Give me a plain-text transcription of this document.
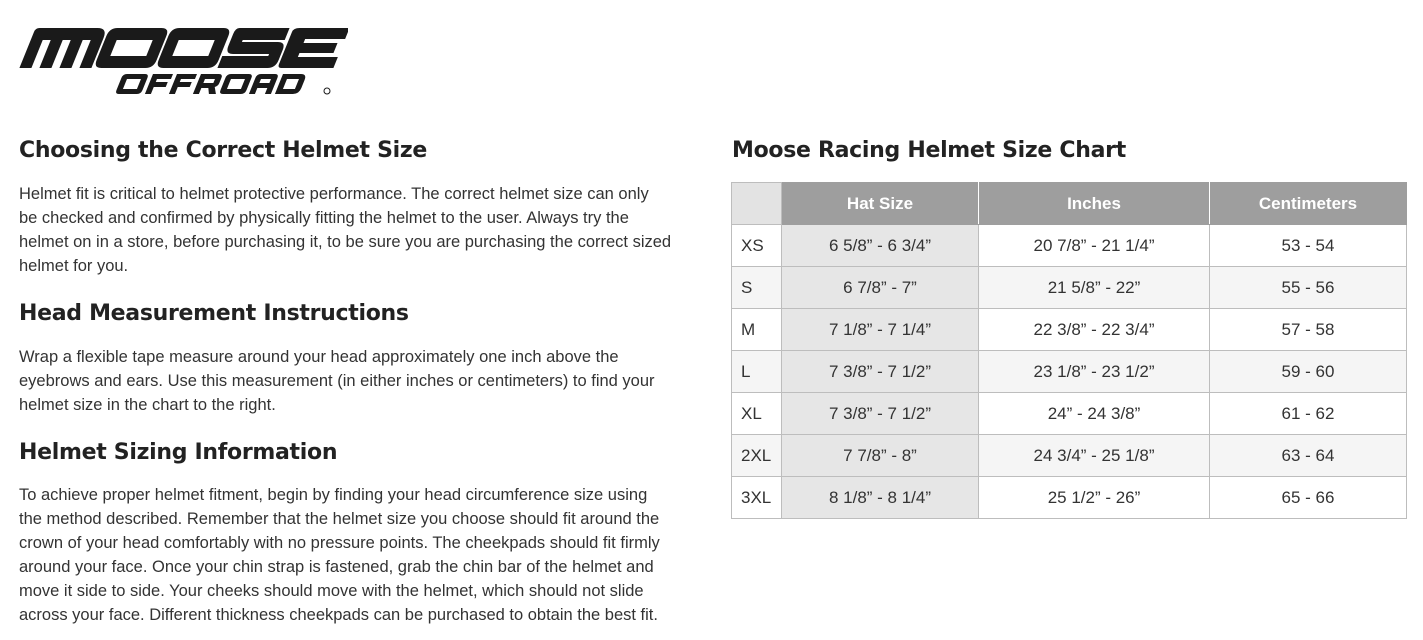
Choosing the Correct Helmet Size

Helmet fit is critical to helmet protective performance. The correct helmet size can only

be checked and confirmed by physically fitting the helmet to the user. Always try the

helmet on in a store, before purchasing it, to be sure you are purchasing the correct sized

helmet for you.

Head Measurement Instructions

Wrap a flexible tape measure around your head approximately one inch above the

eyebrows and ears. Use this measurement (in either inches or centimeters) to find your

helmet size in the chart to the right.

Helmet Sizing Information

To achieve proper helmet fitment, begin by finding your head circumference size using

the method described. Remember that the helmet size you choose should fit around the

crown of your head comfortably with no pressure points. The cheekpads should fit firmly

around your face. Once your chin strap is fastened, grab the chin bar of the helmet and

move it side to side. Your cheeks should move with the helmet, which should not slide

across your face. Different thickness cheekpads can be purchased to obtain the best fit.

Moose Racing Helmet Size Chart
	Hat Size	Inches	Centimeters
XS	6 5/8” - 6 3/4”	20 7/8” - 21 1/4”	53 - 54
S	6 7/8” - 7”	21 5/8” - 22”	55 - 56
M	7 1/8” - 7 1/4”	22 3/8” - 22 3/4”	57 - 58
L	7 3/8” - 7 1/2”	23 1/8” - 23 1/2”	59 - 60
XL	7 3/8” - 7 1/2”	24” - 24 3/8”	61 - 62
2XL	7 7/8” - 8”	24 3/4” - 25 1/8”	63 - 64
3XL	8 1/8” - 8 1/4”	25 1/2” - 26”	65 - 66
